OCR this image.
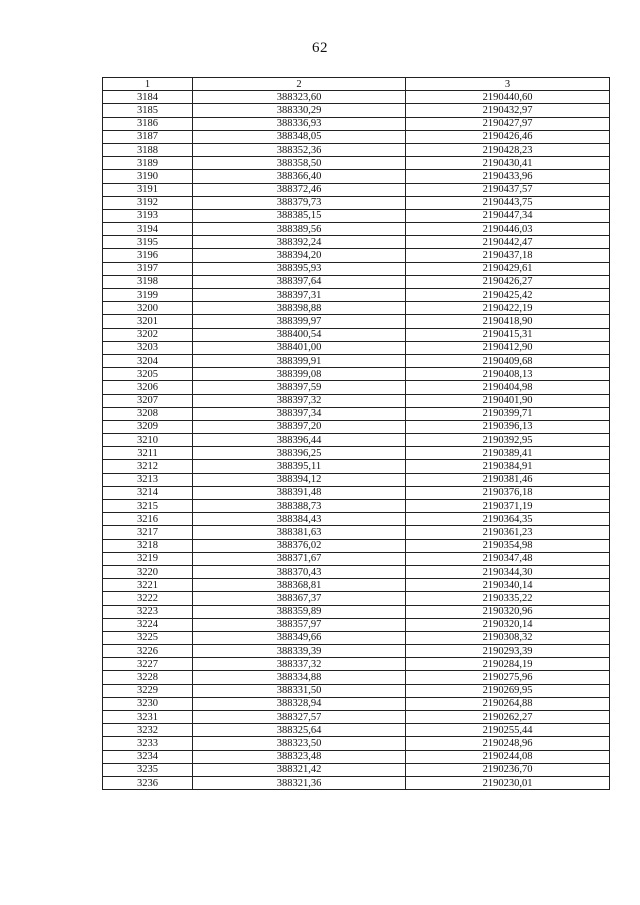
62
1	2	3
3184	388323,60	2190440,60
3185	388330,29	2190432,97
3186	388336,93	2190427,97
3187	388348,05	2190426,46
3188	388352,36	2190428,23
3189	388358,50	2190430,41
3190	388366,40	2190433,96
3191	388372,46	2190437,57
3192	388379,73	2190443,75
3193	388385,15	2190447,34
3194	388389,56	2190446,03
3195	388392,24	2190442,47
3196	388394,20	2190437,18
3197	388395,93	2190429,61
3198	388397,64	2190426,27
3199	388397,31	2190425,42
3200	388398,88	2190422,19
3201	388399,97	2190418,90
3202	388400,54	2190415,31
3203	388401,00	2190412,90
3204	388399,91	2190409,68
3205	388399,08	2190408,13
3206	388397,59	2190404,98
3207	388397,32	2190401,90
3208	388397,34	2190399,71
3209	388397,20	2190396,13
3210	388396,44	2190392,95
3211	388396,25	2190389,41
3212	388395,11	2190384,91
3213	388394,12	2190381,46
3214	388391,48	2190376,18
3215	388388,73	2190371,19
3216	388384,43	2190364,35
3217	388381,63	2190361,23
3218	388376,02	2190354,98
3219	388371,67	2190347,48
3220	388370,43	2190344,30
3221	388368,81	2190340,14
3222	388367,37	2190335,22
3223	388359,89	2190320,96
3224	388357,97	2190320,14
3225	388349,66	2190308,32
3226	388339,39	2190293,39
3227	388337,32	2190284,19
3228	388334,88	2190275,96
3229	388331,50	2190269,95
3230	388328,94	2190264,88
3231	388327,57	2190262,27
3232	388325,64	2190255,44
3233	388323,50	2190248,96
3234	388323,48	2190244,08
3235	388321,42	2190236,70
3236	388321,36	2190230,01
